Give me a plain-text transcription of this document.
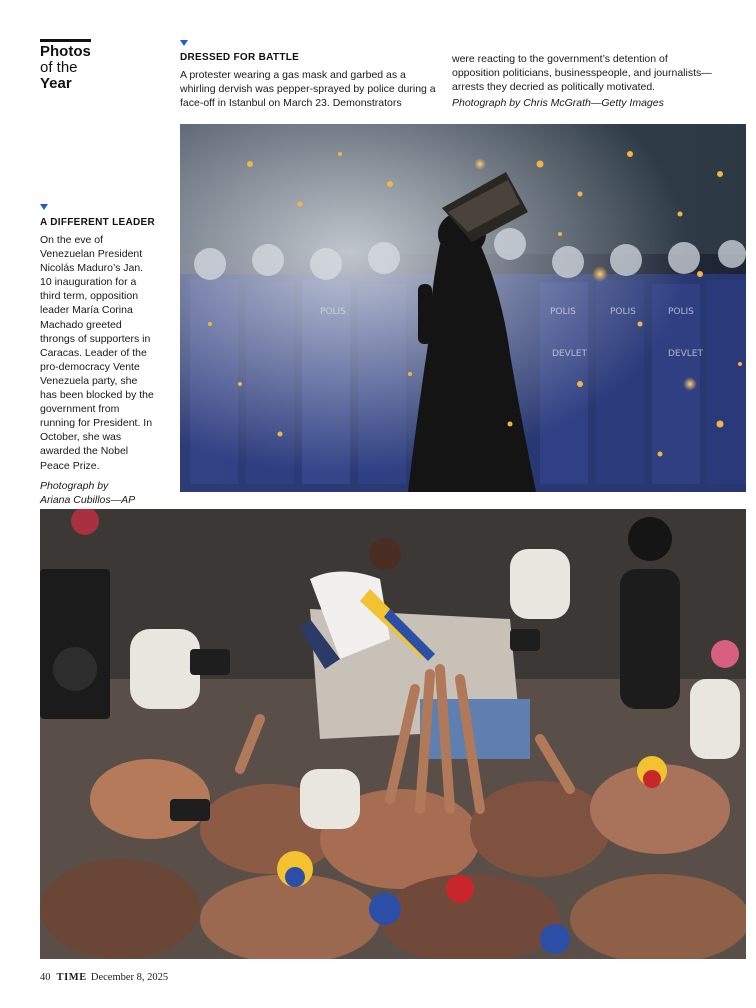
Photos
of the
Year
DRESSED FOR BATTLE
A protester wearing a gas mask and garbed as a whirling dervish was pepper-sprayed by police during a face-off in Istanbul on March 23. Demonstrators
were reacting to the government’s detention of opposition politicians, businesspeople, and journalists—arrests they decried as politically motivated.
Photograph by Chris McGrath—Getty Images
A DIFFERENT LEADER
On the eve of Venezuelan President Nicolás Maduro’s Jan. 10 inauguration for a third term, opposition leader María Corina Machado greeted throngs of supporters in Caracas. Leader of the pro-democracy Vente Venezuela party, she has been blocked by the government from running for President. In October, she was awarded the Nobel Peace Prize.
Photograph by
Ariana Cubillos—AP
40 TIME December 8, 2025
